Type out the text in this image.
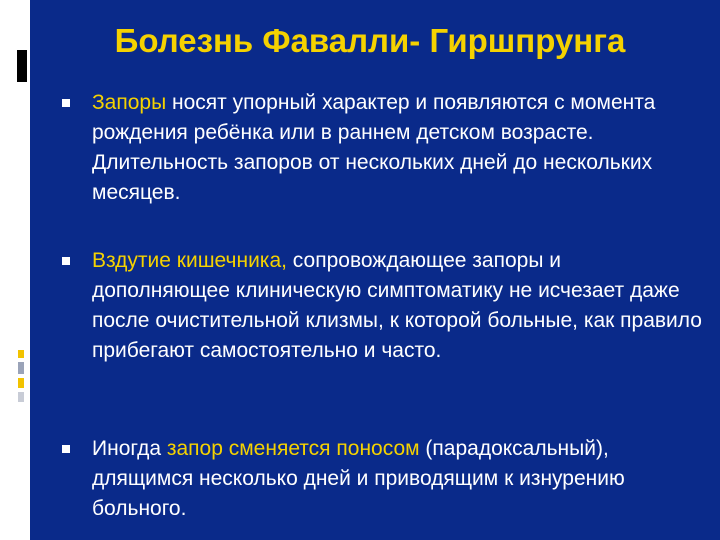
Болезнь Фавалли- Гиршпрунга
Запоры носят упорный характер и появляются с момента рождения ребёнка или в раннем детском возрасте. Длительность запоров от нескольких дней до нескольких месяцев.
Вздутие кишечника, сопровождающее запоры и дополняющее клиническую симптоматику не исчезает даже после очистительной клизмы, к которой больные, как правило прибегают самостоятельно и часто.
Иногда запор сменяется поносом (парадоксальный), длящимся несколько дней и приводящим к изнурению больного.
